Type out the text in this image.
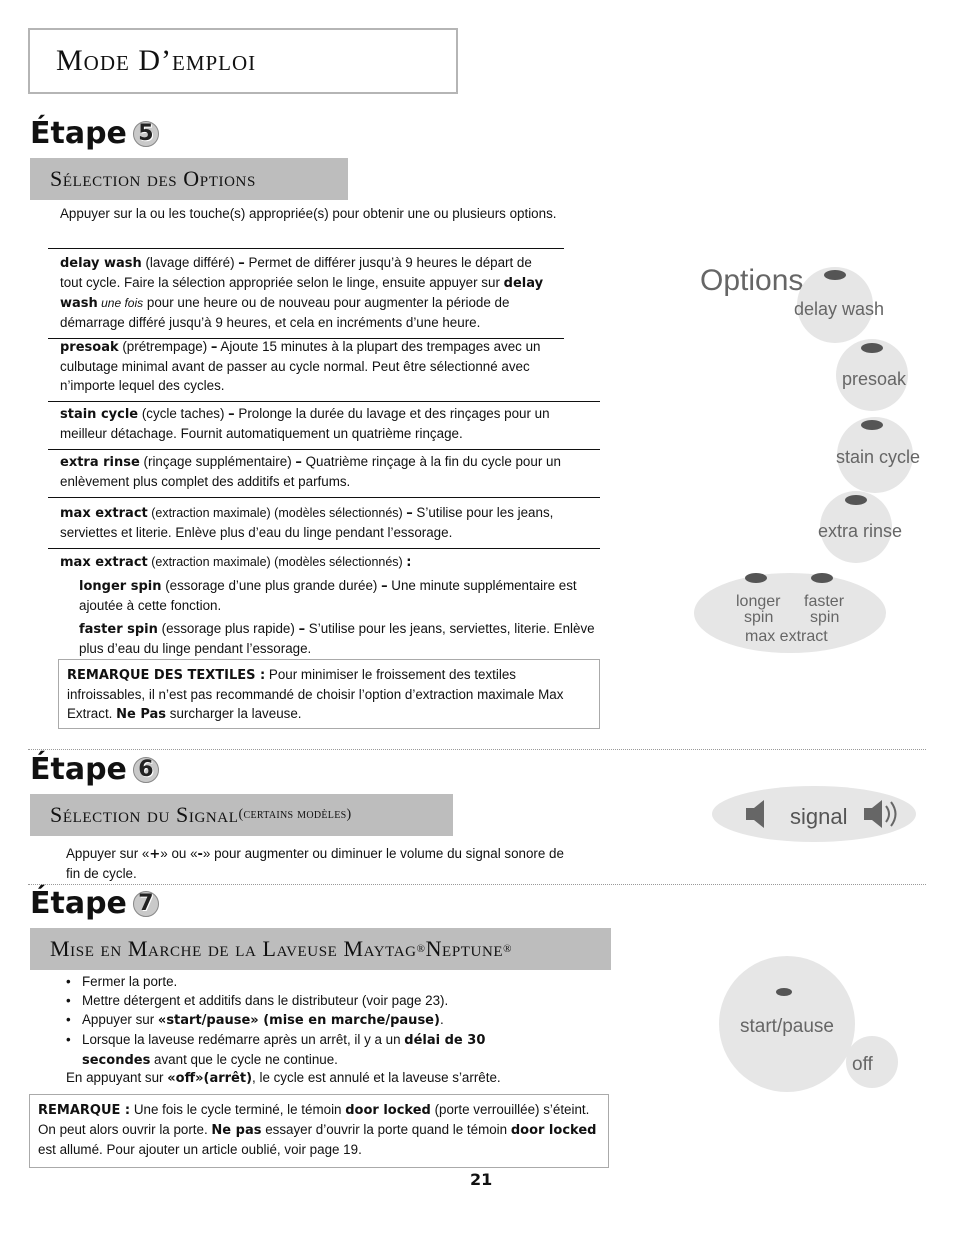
Mode D’emploi
Étape 5
Sélection des Options
Appuyer sur la ou les touche(s) appropriée(s) pour obtenir une ou plusieurs options.
delay wash (lavage différé) – Permet de différer jusqu’à 9 heures le départ de tout cycle. Faire la sélection appropriée selon le linge, ensuite appuyer sur delay wash une fois pour une heure ou de nouveau pour augmenter la période de démarrage différé jusqu’à 9 heures, et cela en incréments d’une heure.
presoak (prétrempage) – Ajoute 15 minutes à la plupart des trempages avec un culbutage minimal avant de passer au cycle normal. Peut être sélectionné avec n’importe lequel des cycles.
stain cycle (cycle taches) – Prolonge la durée du lavage et des rinçages pour un meilleur détachage. Fournit automatiquement un quatrième rinçage.
extra rinse (rinçage supplémentaire) – Quatrième rinçage à la fin du cycle pour un enlèvement plus complet des additifs et parfums.
max extract (extraction maximale) (modèles sélectionnés) – S’utilise pour les jeans, serviettes et literie. Enlève plus d’eau du linge pendant l’essorage.
max extract (extraction maximale) (modèles sélectionnés) :
longer spin (essorage d’une plus grande durée) – Une minute supplémentaire est ajoutée à cette fonction.
faster spin (essorage plus rapide) – S’utilise pour les jeans, serviettes, literie. Enlève plus d’eau du linge pendant l’essorage.
REMARQUE DES TEXTILES : Pour minimiser le froissement des textiles infroissables, il n’est pas recommandé de choisir l’option d’extraction maximale Max Extract. Ne Pas surcharger la laveuse.
Options
delay wash
presoak
stain cycle
extra rinse
longer
spin
faster
spin
max extract
Étape 6
Sélection du Signal (certains modèles)
Appuyer sur «+» ou «-» pour augmenter ou diminuer le volume du signal sonore de fin de cycle.
signal
Étape 7
Mise en Marche de la Laveuse Maytag ® Neptune ®
• Fermer la porte.
• Mettre détergent et additifs dans le distributeur (voir page 23).
• Appuyer sur «start/pause» (mise en marche/pause).
• Lorsque la laveuse redémarre après un arrêt, il y a un délai de 30
secondes avant que le cycle ne continue.
En appuyant sur «off»(arrêt), le cycle est annulé et la laveuse s’arrête.
REMARQUE : Une fois le cycle terminé, le témoin door locked (porte verrouillée) s’éteint. On peut alors ouvrir la porte. Ne pas essayer d’ouvrir la porte quand le témoin door locked est allumé. Pour ajouter un article oublié, voir page 19.
start/pause
off
21
